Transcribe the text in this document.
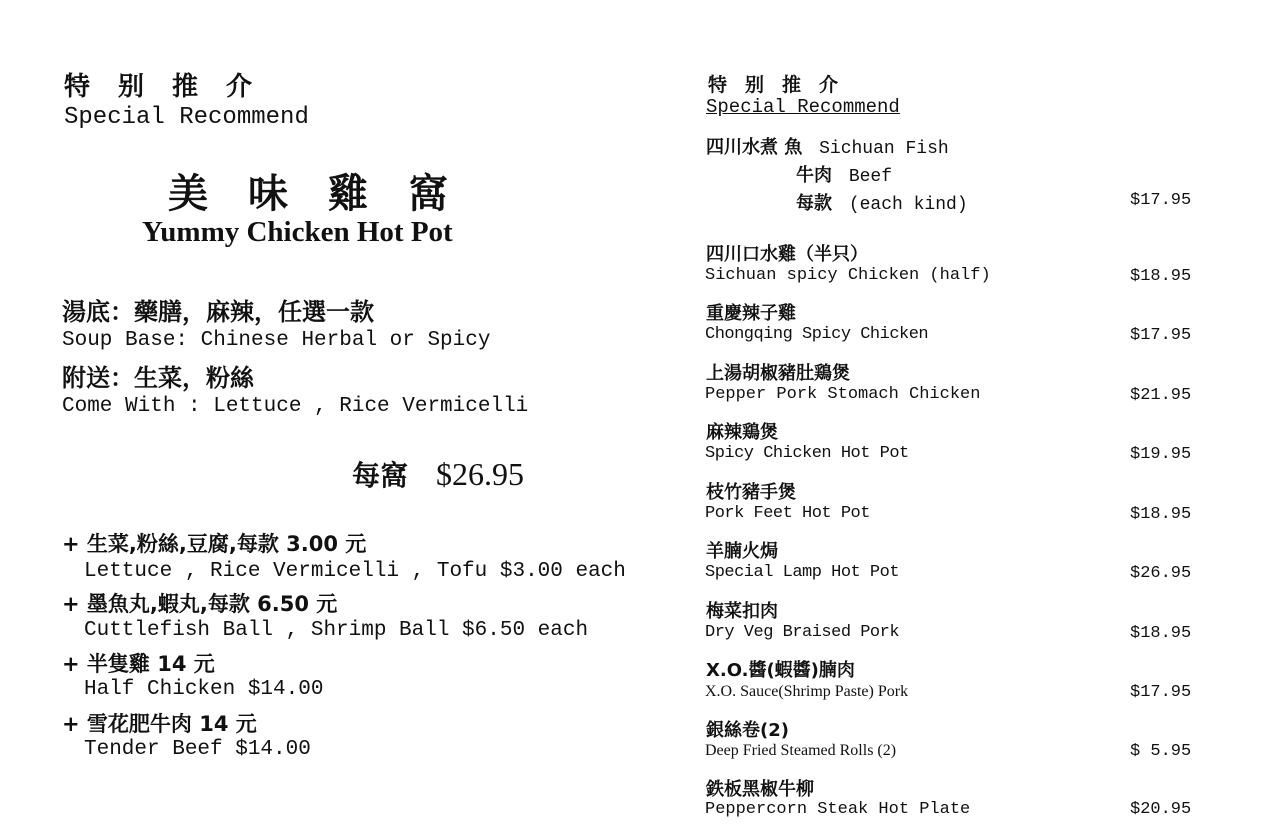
特别推介
Special Recommend
美味雞窩
Yummy Chicken Hot Pot
湯底：藥膳，麻辣，任選一款
Soup Base: Chinese Herbal or Spicy
附送：生菜，粉絲
Come With : Lettuce , Rice Vermicelli
每窩 $26.95
+ 生菜,粉絲,豆腐,每款 3.00 元
Lettuce , Rice Vermicelli , Tofu $3.00 each
+ 墨魚丸,蝦丸,每款 6.50 元
Cuttlefish Ball , Shrimp Ball $6.50 each
+ 半隻雞 14 元
Half Chicken $14.00
+ 雪花肥牛肉 14 元
Tender Beef $14.00
特别推介
Special Recommend
四川水煮 魚 Sichuan Fish
牛肉 Beef
每款 (each kind)	$17.95
四川口水雞（半只）
Sichuan spicy Chicken (half)	$18.95
重慶辣子雞
Chongqing Spicy Chicken	$17.95
上湯胡椒豬肚鶏煲
Pepper Pork Stomach Chicken	$21.95
麻辣鶏煲
Spicy Chicken Hot Pot	$19.95
枝竹豬手煲
Pork Feet Hot Pot	$18.95
羊腩火焗
Special Lamp Hot Pot	$26.95
梅菜扣肉
Dry Veg Braised Pork	$18.95
X.O.醬(蝦醬)腩肉
X.O. Sauce(Shrimp Paste) Pork	$17.95
銀絲卷(2)
Deep Fried Steamed Rolls (2)	$ 5.95
鉄板黑椒牛柳
Peppercorn Steak Hot Plate	$20.95
